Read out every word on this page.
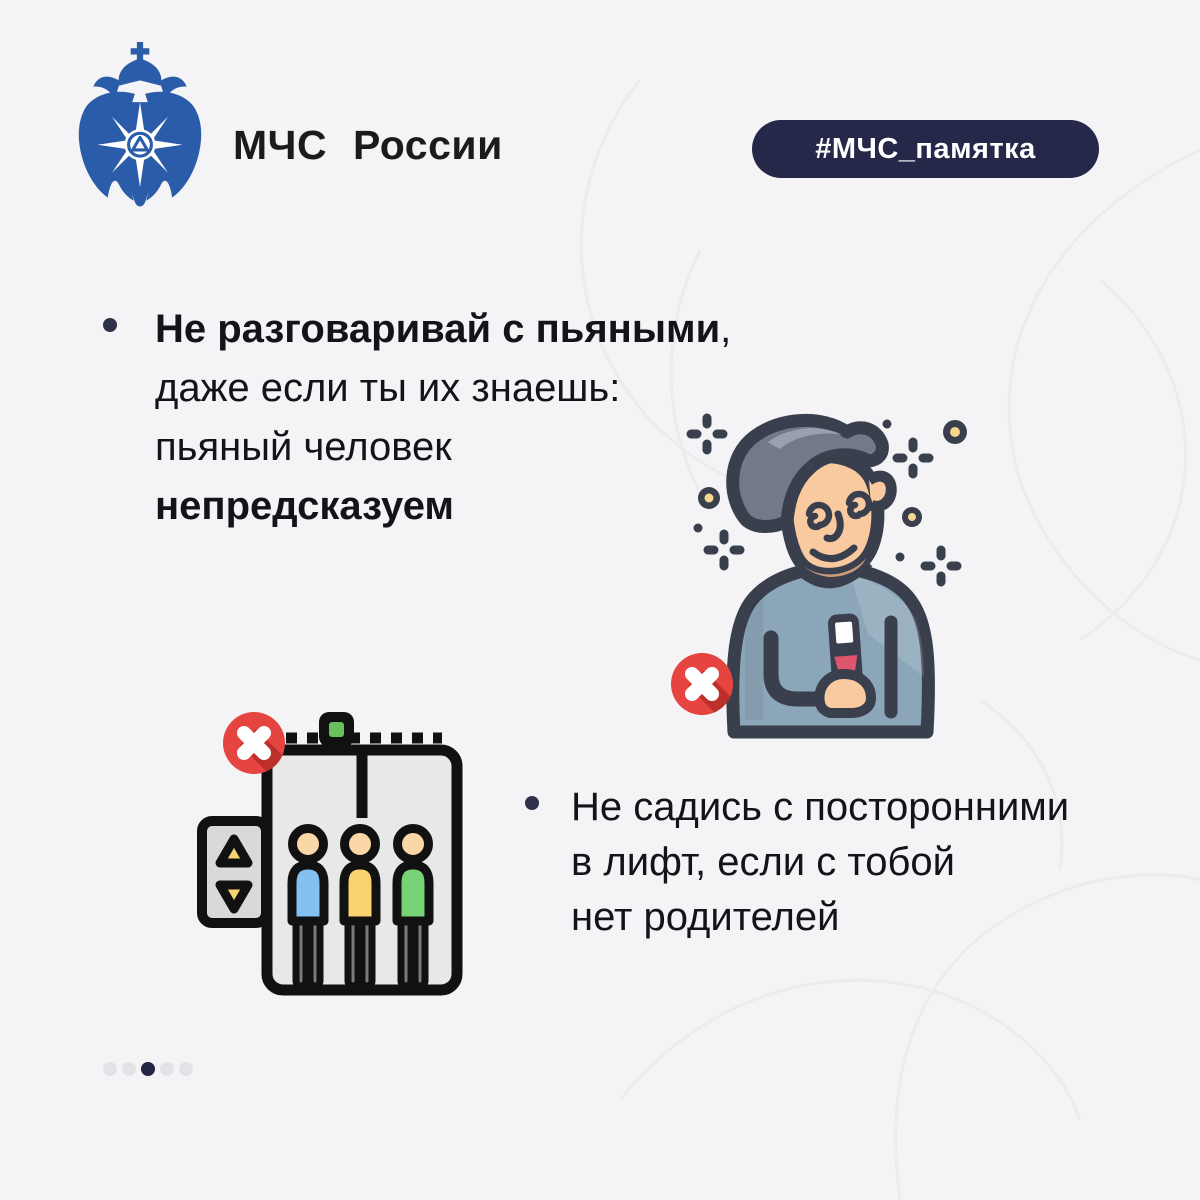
МЧС России	#МЧС_памятка
Не разговаривай с пьяными,
даже если ты их знаешь:
пьяный человек
непредсказуем
Не садись с посторонними
в лифт, если с тобой
нет родителей
